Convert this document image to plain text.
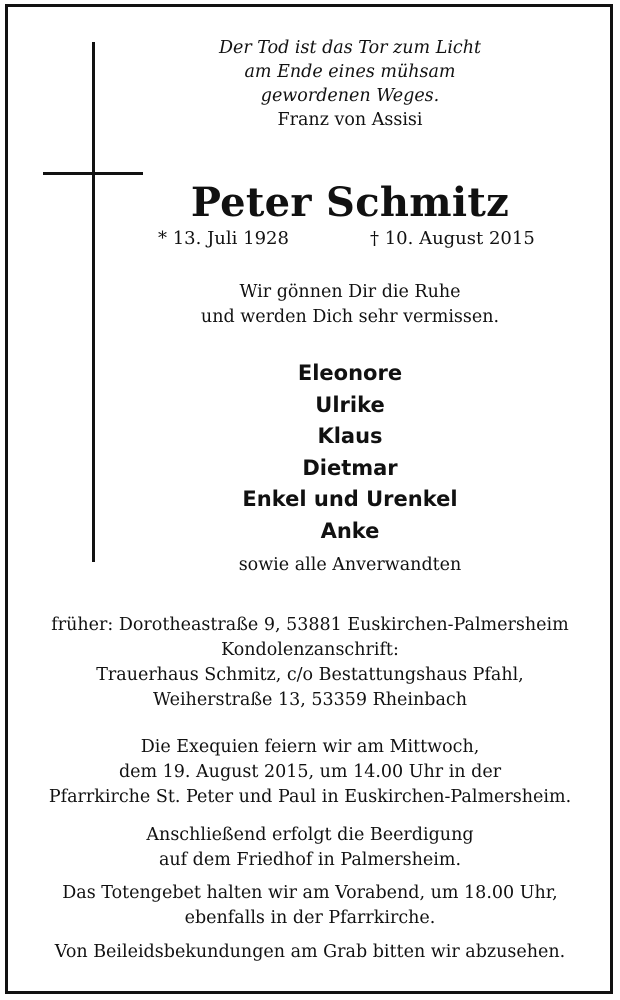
Der Tod ist das Tor zum Licht
am Ende eines mühsam
gewordenen Weges.
Franz von Assisi
Peter Schmitz
* 13. Juli 1928	† 10. August 2015
Wir gönnen Dir die Ruhe
und werden Dich sehr vermissen.
Eleonore
Ulrike
Klaus
Dietmar
Enkel und Urenkel
Anke
sowie alle Anverwandten
früher: Dorotheastraße 9, 53881 Euskirchen-Palmersheim
Kondolenzanschrift:
Trauerhaus Schmitz, c/o Bestattungshaus Pfahl,
Weiherstraße 13, 53359 Rheinbach
Die Exequien feiern wir am Mittwoch,
dem 19. August 2015, um 14.00 Uhr in der
Pfarrkirche St. Peter und Paul in Euskirchen-Palmersheim.
Anschließend erfolgt die Beerdigung
auf dem Friedhof in Palmersheim.
Das Totengebet halten wir am Vorabend, um 18.00 Uhr,
ebenfalls in der Pfarrkirche.
Von Beileidsbekundungen am Grab bitten wir abzusehen.
